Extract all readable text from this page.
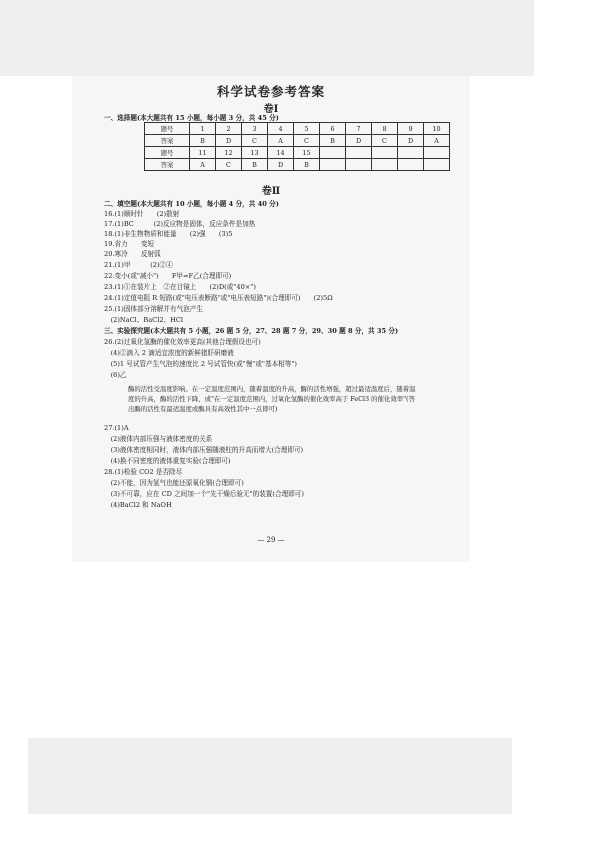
科学试卷参考答案
卷Ⅰ
一、选择题(本大题共有 15 小题，每小题 3 分，共 45 分)
题号	1	2	3	4	5	6	7	8	9	10
答案	B	D	C	A	C	B	D	C	D	A
题号	11	12	13	14	15					
答案	A	C	B	D	B					
卷Ⅱ
二、填空题(本大题共有 10 小题，每小题 4 分，共 40 分)
16.(1)顺时针　　(2)散射
17.(1)BC　　　(2)反应物是固体，反应条件是加热
18.(1)非生物物质和能量　　(2)强　　(3)5
19.省力　　变短
20.寒冷　　反射弧
21.(1)甲　　　(2)②④
22.变小(或"减小")　　F甲=F乙(合理即可)
23.(1)①在装片上　②在目镜上　　(2)D(或"40×")
24.(1)定值电阻 R 短路(或"电压表断路"或"电压表短路")(合理即可)　　(2)5Ω
25.(1)固体部分溶解并有气泡产生
　(2)NaCl、BaCl2、HCl
三、实验探究题(本大题共有 5 小题，26 题 5 分，27、28 题 7 分，29、30 题 8 分，共 35 分)
26.(2)过氧化氢酶的催化效率更高(其他合理假设也可)
　(4)②滴入 2 滴适宜浓度的新鲜猪肝研磨液
　(5)1 号试管产生气泡的速度比 2 号试管快(或"慢"或"基本相等")
　(6)乙
酶的活性受温度影响。在一定温度范围内，随着温度的升高，酶的活性增强，超过最适温度后，随着温度的升高，酶的活性下降，或"在一定温度范围内，过氧化氢酶的催化效率高于 FeCl3 的催化效率"(答出酶的活性有最适温度或酶具有高效性其中一点即可)
27.(1)A
　(2)液体内部压强与液体密度的关系
　(3)液体密度相同时，液体内部压强随液柱的升高而增大(合理即可)
　(4)换不同密度的液体重复实验(合理即可)
28.(1)检验 CO2 是否除尽
　(2)不能，因为氢气也能还原氧化铜(合理即可)
　(3)不可靠，应在 CD 之间加一个"先干燥后验无"的装置(合理即可)
　(4)BaCl2 和 NaOH
— 29 —
